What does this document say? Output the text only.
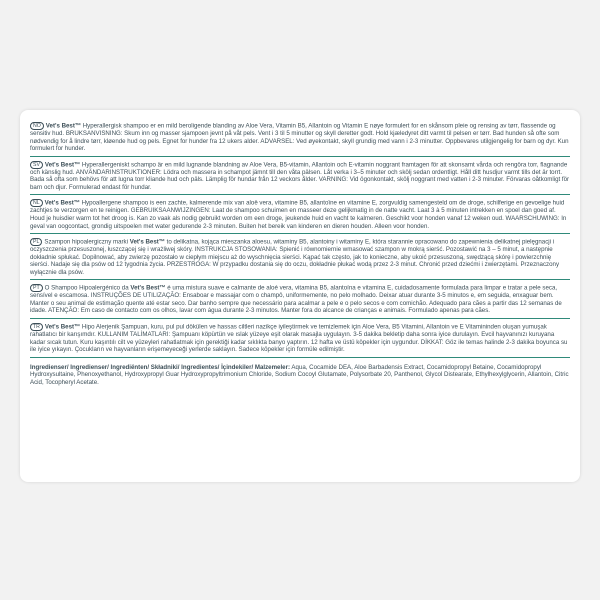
NO Vet's Best™ Hyperallergisk shampoo er en mild beroligende blanding av Aloe Vera, Vitamin B5, Allantoin og Vitamin E nøye formulert for en skånsom pleie og rensing av tørr, flassende og sensitiv hud. BRUKSANVISNING: Skum inn og masser sjampoen jevnt på våt pels. Vent i 3 til 5 minutter og skyll deretter godt. Hold kjæledyret ditt varmt til pelsen er tørr. Bad hunden så ofte som nødvendig for å lindre tørr, kløende hud og pels. Egnet for hunder fra 12 ukers alder. ADVARSEL: Ved øyekontakt, skyll grundig med vann i 2-3 minutter. Oppbevares utilgjengelig for barn og dyr. Kun formulert for hunder.
SV Vet's Best™ Hyperallergeniskt schampo är en mild lugnande blandning av Aloe Vera, B5-vitamin, Allantoin och E-vitamin noggrant framtagen för att skonsamt vårda och rengöra torr, flagnande och känslig hud. ANVÄNDARINSTRUKTIONER: Lödra och massera in schampot jämnt till den våta pälsen. Låt verka i 3–5 minuter och skölj sedan ordentligt. Håll ditt husdjur varmt tills det är torrt. Bada så ofta som behövs för att lugna torr kliande hud och päls. Lämplig för hundar från 12 veckors ålder. VARNING: Vid ögonkontakt, skölj noggrant med vatten i 2-3 minuter. Förvaras oåtkomligt för barn och djur. Formulerad endast för hundar.
NL Vet's Best™ Hypoallergene shampoo is een zachte, kalmerende mix van aloë vera, vitamine B5, allantoïne en vitamine E, zorgvuldig samengesteld om de droge, schilferige en gevoelige huid zachtjes te verzorgen en te reinigen. GEBRUIKSAANWIJZINGEN: Laat de shampoo schuimen en masseer deze gelijkmatig in de natte vacht. Laat 3 à 5 minuten intrekken en spoel dan goed af. Houd je huisdier warm tot het droog is. Kan zo vaak als nodig gebruikt worden om een droge, jeukende huid en vacht te kalmeren. Geschikt voor honden vanaf 12 weken oud. WAARSCHUWING: In geval van oogcontact, grondig uitspoelen met water gedurende 2-3 minuten. Buiten het bereik van kinderen en dieren houden. Alleen voor honden.
PL Szampon hipoalergiczny marki Vet's Best™ to delikatna, kojąca mieszanka aloesu, witaminy B5, alantoiny i witaminy E, która starannie opracowano do zapewnienia delikatnej pielęgnacji i oczyszczenia przesuszonej, łuszczącej się i wrażliwej skóry. INSTRUKCJA STOSOWANIA: Spienić i równomiernie wmasować szampon w mokrą sierść. Pozostawić na 3 – 5 minut, a następnie dokładnie spłukać. Dopilnować, aby zwierzę pozostało w ciepłym miejscu aż do wyschnięcia sierści. Kąpać tak często, jak to konieczne, aby ukoić przesuszoną, swędzącą skórę i powierzchnię sierści. Nadaje się dla psów od 12 tygodnia życia. PRZESTROGA: W przypadku dostania się do oczu, dokładnie płukać wodą przez 2-3 minut. Chronić przed dziećmi i zwierzętami. Przeznaczony wyłącznie dla psów.
PT O Shampoo Hipoalergénico da Vet's Best™ é uma mistura suave e calmante de aloé vera, vitamina B5, alantoína e vitamina E, cuidadosamente formulada para limpar e tratar a pele seca, sensível e escamosa. INSTRUÇÕES DE UTILIZAÇÃO: Ensaboar e massajar com o champô, uniformemente, no pelo molhado. Deixar atuar durante 3-5 minutos e, em seguida, enxaguar bem. Manter o seu animal de estimação quente até estar seco. Dar banho sempre que necessário para acalmar a pele e o pelo secos e com comichão. Adequado para cães a partir das 12 semanas de idade. ATENÇÃO: Em caso de contacto com os olhos, lavar com água durante 2-3 minutos. Manter fora do alcance de crianças e animais. Formulado apenas para cães.
TR Vet's Best™ Hipo Alerjenik Şampuan, kuru, pul pul dökülen ve hassas ciltleri nazikçe iyileştirmek ve temizlemek için Aloe Vera, B5 Vitamini, Allantoin ve E Vitamininden oluşan yumuşak rahatlatıcı bir karışımdır. KULLANIM TALİMATLARI: Şampuanı köpürtün ve ıslak yüzeye eşit olarak masajla uygulayın. 3-5 dakika bekletip daha sonra iyice durulayın. Evcil hayvanınızı kuruyana kadar sıcak tutun. Kuru kaşıntılı cilt ve yüzeyleri rahatlatmak için gerektiği kadar sıklıkta banyo yaptırın. 12 hafta ve üstü köpekler için uygundur. DİKKAT: Göz ile temas halinde 2-3 dakika boyunca su ile iyice yıkayın. Çocukların ve hayvanların erişemeyeceği yerlerde saklayın. Sadece köpekler için formüle edilmiştir.
Ingredienser/ Ingredienser/ Ingrediënten/ Składniki/ Ingredientes/ İçindekiler/ Malzemeler: Aqua, Cocamide DEA, Aloe Barbadensis Extract, Cocamidopropyl Betaine, Cocamidopropyl Hydroxysultaine, Phenoxyethanol, Hydroxypropyl Guar Hydroxypropyltrimonium Chloride, Sodium Cocoyl Glutamate, Polysorbate 20, Panthenol, Glycol Distearate, Ethylhexylglycerin, Allantoin, Citric Acid, Tocopheryl Acetate.
